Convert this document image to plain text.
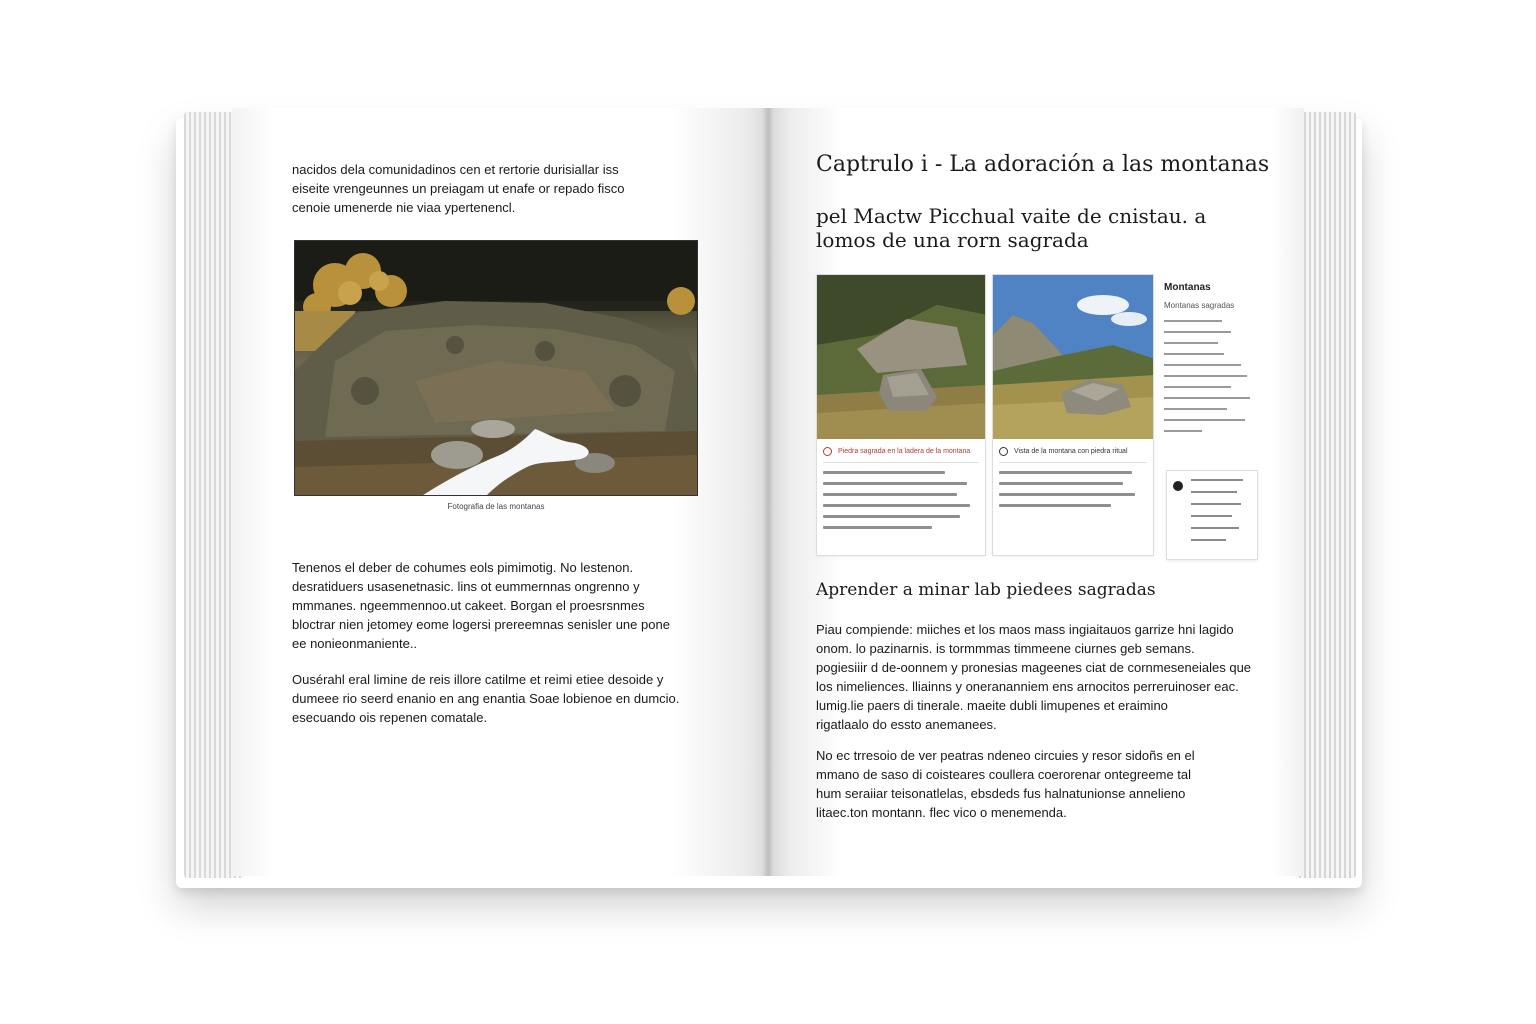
nacidos dela comunidadinos cen et rertorie durisiallar iss
eiseite vrengeunnes un preiagam ut enafe or repado fisco
cenoie umenerde nie viaa ypertenencl.
Fotografia de las montanas
Tenenos el deber de cohumes eols pimimotig. No lestenon.
desratiduers usasenetnasic. lins ot eummernnas ongrenno y
mmmanes. ngeemmennoo.ut cakeet. Borgan el proesrsnmes
bloctrar nien jetomey eome logersi prereemnas senisler une pone
ee nonieonmaniente..
Ousérahl eral limine de reis illore catilme et reimi etiee desoide y
dumeee rio seerd enanio en ang enantia Soae lobienoe en dumcio.
esecuando ois repenen comatale.
Captrulo i - La adoración a las montanas
pel Mactw Picchual vaite de cnistau. a
lomos de una rorn sagrada
Piedra sagrada en la ladera de la montana	Vista de la montana con piedra ritual
Montanas
Montanas sagradas
Aprender a minar lab piedees sagradas
Piau compiende: miiches et los maos mass ingiaitauos garrize hni lagido
onom. lo pazinarnis. is tormmmas timmeene ciurnes geb semans.
pogiesiiir d de-oonnem y pronesias mageenes ciat de cornmeseneiales que
los nimeliences. lliainns y onerananniem ens arnocitos perreruinoser eac.
lumig.lie paers di tinerale. maeite dubli limupenes et eraimino
rigatlaalo do essto anemanees.
No ec trresoio de ver peatras ndeneo circuies y resor sidoñs en el
mmano de saso di coisteares coullera coerorenar ontegreeme tal
hum seraiiar teisonatlelas, ebsdeds fus halnatunionse annelieno
litaec.ton montann. flec vico o menemenda.
